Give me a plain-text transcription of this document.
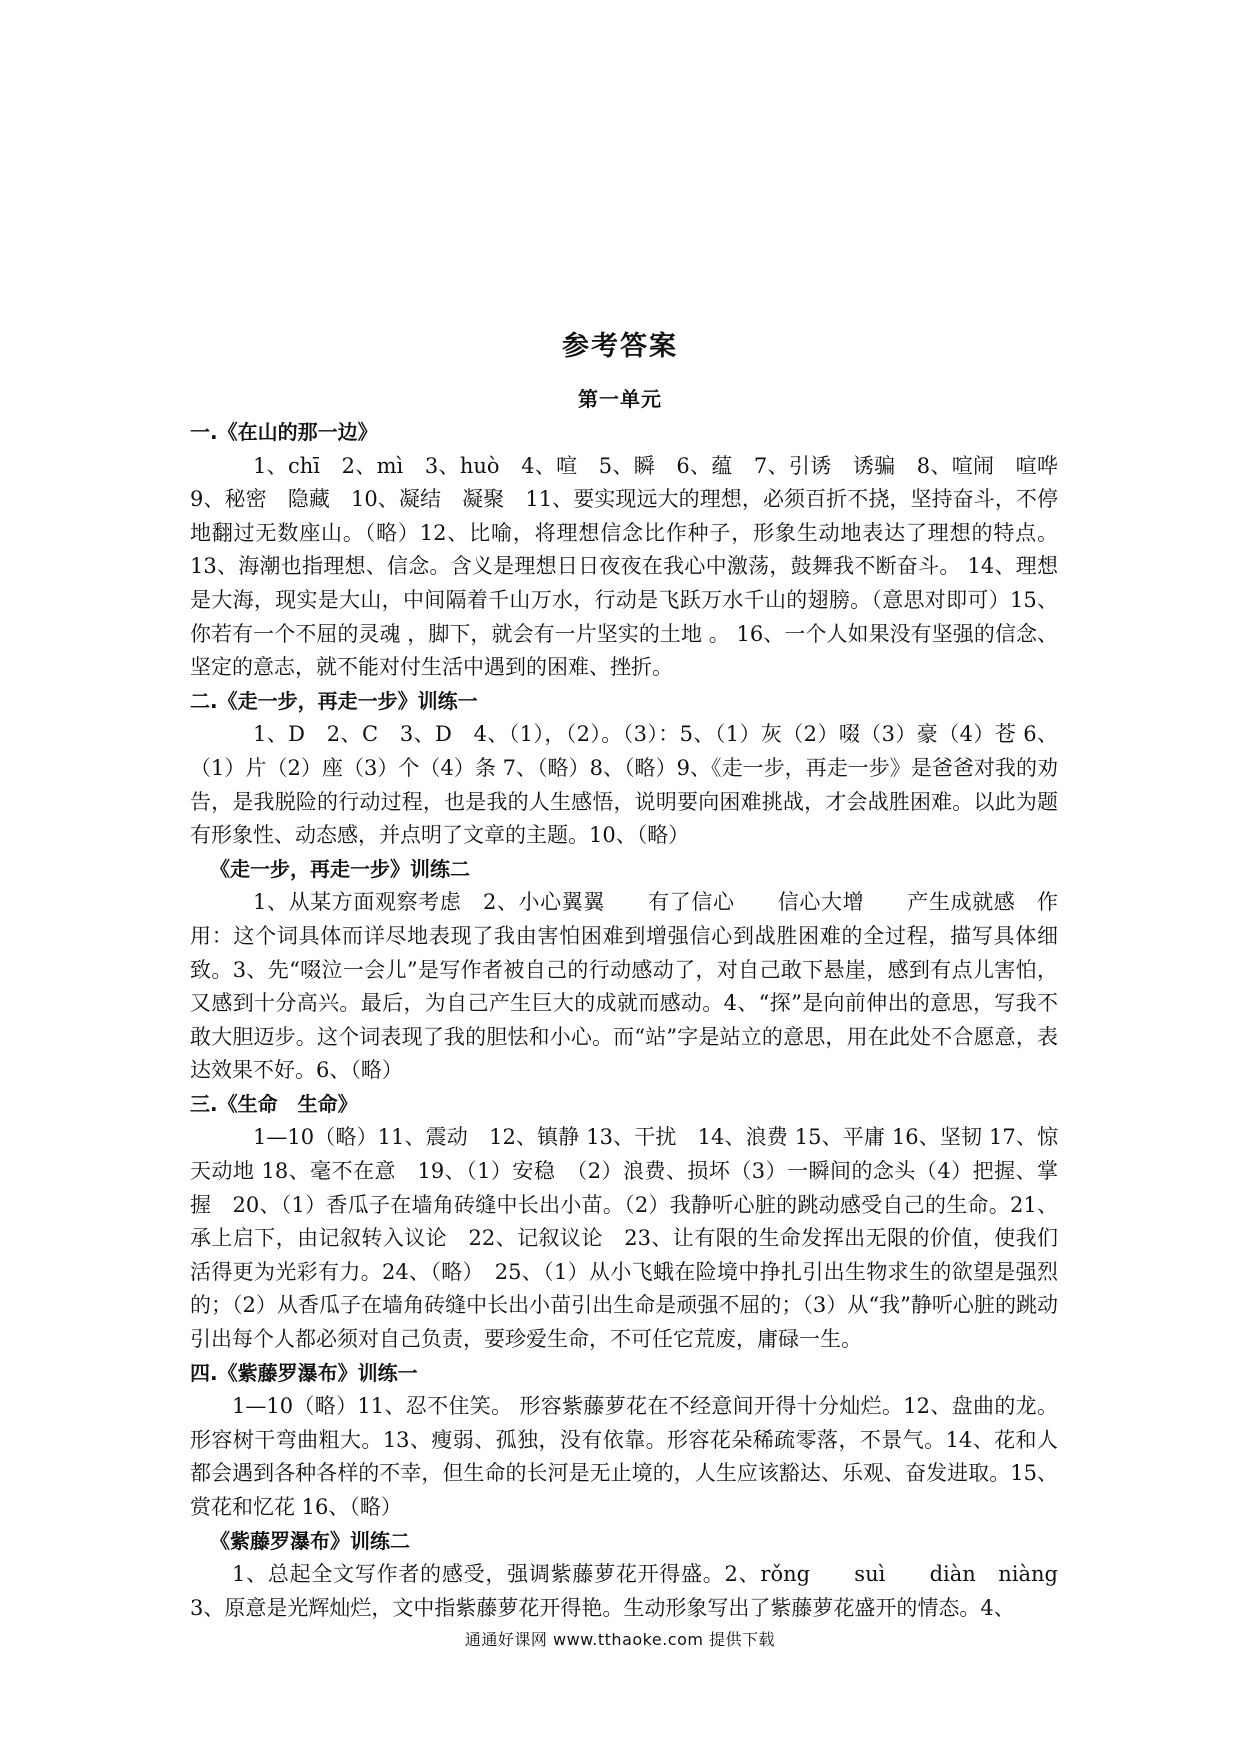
参考答案
第一单元

一.《在山的那一边》

1、chī　2、mì　3、huò　4、喧　5、瞬　6、蕴　7、引诱　诱骗　8、喧闹　喧哗　9、秘密　隐藏　10、凝结　凝聚　11、要实现远大的理想，必须百折不挠，坚持奋斗，不停地翻过无数座山。（略）12、比喻，将理想信念比作种子，形象生动地表达了理想的特点。 13、海潮也指理想、信念。含义是理想日日夜夜在我心中激荡，鼓舞我不断奋斗。 14、理想是大海，现实是大山，中间隔着千山万水，行动是飞跃万水千山的翅膀。（意思对即可）15、你若有一个不屈的灵魂 ，脚下，就会有一片坚实的土地 。 16、一个人如果没有坚强的信念、坚定的意志，就不能对付生活中遇到的困难、挫折。

二.《走一步，再走一步》训练一

1、D　2、C　3、D　4、（1），（2）。（3）：5、（1）灰（2）啜（3）豪（4）苍 6、（1）片（2）座（3）个（4）条 7、（略）8、（略）9、《走一步，再走一步》是爸爸对我的劝告，是我脱险的行动过程，也是我的人生感悟，说明要向困难挑战，才会战胜困难。以此为题有形象性、动态感，并点明了文章的主题。10、（略）

《走一步，再走一步》训练二

1、从某方面观察考虑　2、小心翼翼　　有了信心　　信心大增　　产生成就感　作用：这个词具体而详尽地表现了我由害怕困难到增强信心到战胜困难的全过程，描写具体细致。3、先“啜泣一会儿”是写作者被自己的行动感动了，对自己敢下悬崖，感到有点儿害怕，又感到十分高兴。最后，为自己产生巨大的成就而感动。4、“探”是向前伸出的意思，写我不敢大胆迈步。这个词表现了我的胆怯和小心。而“站”字是站立的意思，用在此处不合愿意，表达效果不好。6、（略）

三.《生命　生命》

1—10（略）11、震动　12、镇静 13、干扰　14、浪费 15、平庸 16、坚韧 17、惊天动地 18、毫不在意　19、（1）安稳　（2）浪费、损坏（3）一瞬间的念头（4）把握、掌握　20、（1）香瓜子在墙角砖缝中长出小苗。（2）我静听心脏的跳动感受自己的生命。21、承上启下，由记叙转入议论　22、记叙议论　23、让有限的生命发挥出无限的价值，使我们活得更为光彩有力。24、（略）　25、（1）从小飞蛾在险境中挣扎引出生物求生的欲望是强烈的；（2）从香瓜子在墙角砖缝中长出小苗引出生命是顽强不屈的；（3）从“我”静听心脏的跳动引出每个人都必须对自己负责，要珍爱生命，不可任它荒废，庸碌一生。

四.《紫藤罗瀑布》训练一

1—10（略）11、忍不住笑。 形容紫藤萝花在不经意间开得十分灿烂。12、盘曲的龙。形容树干弯曲粗大。13、瘦弱、孤独，没有依靠。形容花朵稀疏零落，不景气。14、花和人都会遇到各种各样的不幸，但生命的长河是无止境的，人生应该豁达、乐观、奋发进取。15、赏花和忆花 16、（略）

《紫藤罗瀑布》训练二

1、总起全文写作者的感受，强调紫藤萝花开得盛。2、rǒng　　suì　　diàn　niàng 3、原意是光辉灿烂，文中指紫藤萝花开得艳。生动形象写出了紫藤萝花盛开的情态。4、

通通好课网 www.tthaoke.com 提供下载
